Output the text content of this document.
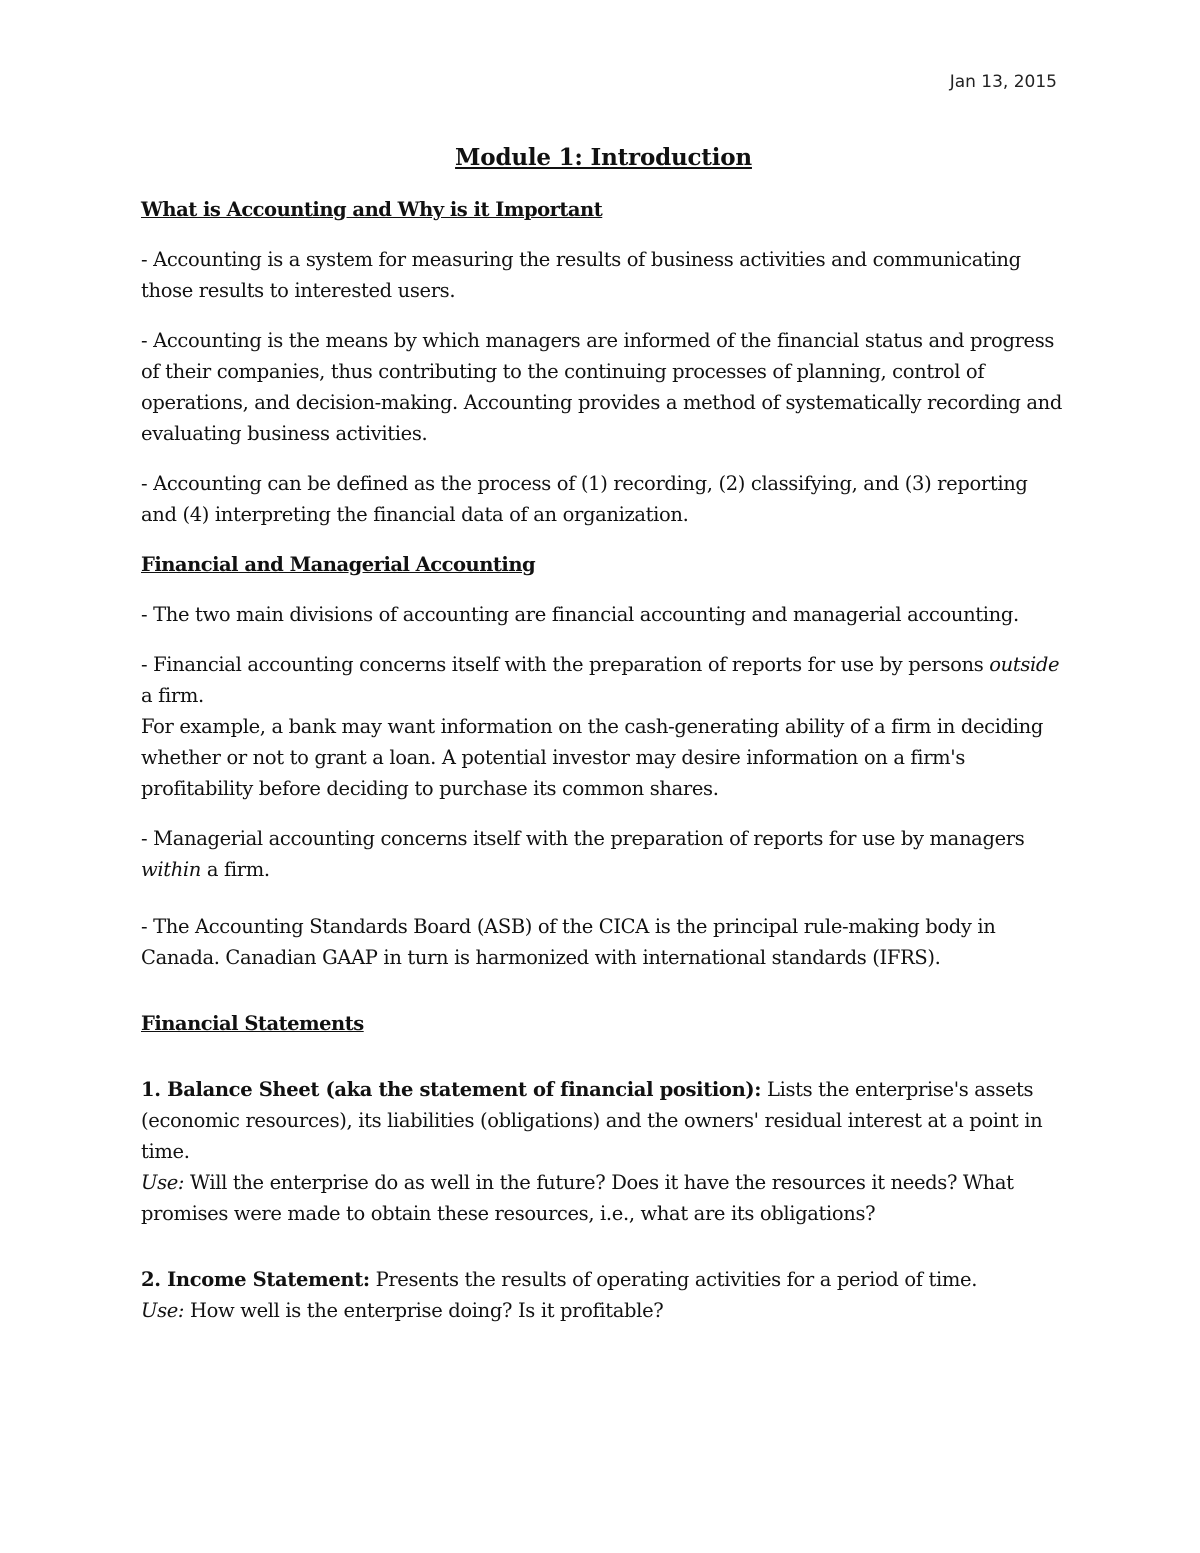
Jan 13, 2015
Module 1: Introduction
What is Accounting and Why is it Important

- Accounting is a system for measuring the results of business activities and communicating those results to interested users.

- Accounting is the means by which managers are informed of the financial status and progress of their companies, thus contributing to the continuing processes of planning, control of operations, and decision-making. Accounting provides a method of systematically recording and evaluating business activities.

- Accounting can be defined as the process of (1) recording, (2) classifying, and (3) reporting and (4) interpreting the financial data of an organization.

Financial and Managerial Accounting

- The two main divisions of accounting are financial accounting and managerial accounting.

- Financial accounting concerns itself with the preparation of reports for use by persons outside a firm.

For example, a bank may want information on the cash-generating ability of a firm in deciding whether or not to grant a loan. A potential investor may desire information on a firm's profitability before deciding to purchase its common shares.

- Managerial accounting concerns itself with the preparation of reports for use by managers within a firm.

- The Accounting Standards Board (ASB) of the CICA is the principal rule-making body in Canada. Canadian GAAP in turn is harmonized with international standards (IFRS).

Financial Statements

1. Balance Sheet (aka the statement of financial position): Lists the enterprise's assets (economic resources), its liabilities (obligations) and the owners' residual interest at a point in time.

Use: Will the enterprise do as well in the future? Does it have the resources it needs? What promises were made to obtain these resources, i.e., what are its obligations?

2. Income Statement: Presents the results of operating activities for a period of time.

Use: How well is the enterprise doing? Is it profitable?
